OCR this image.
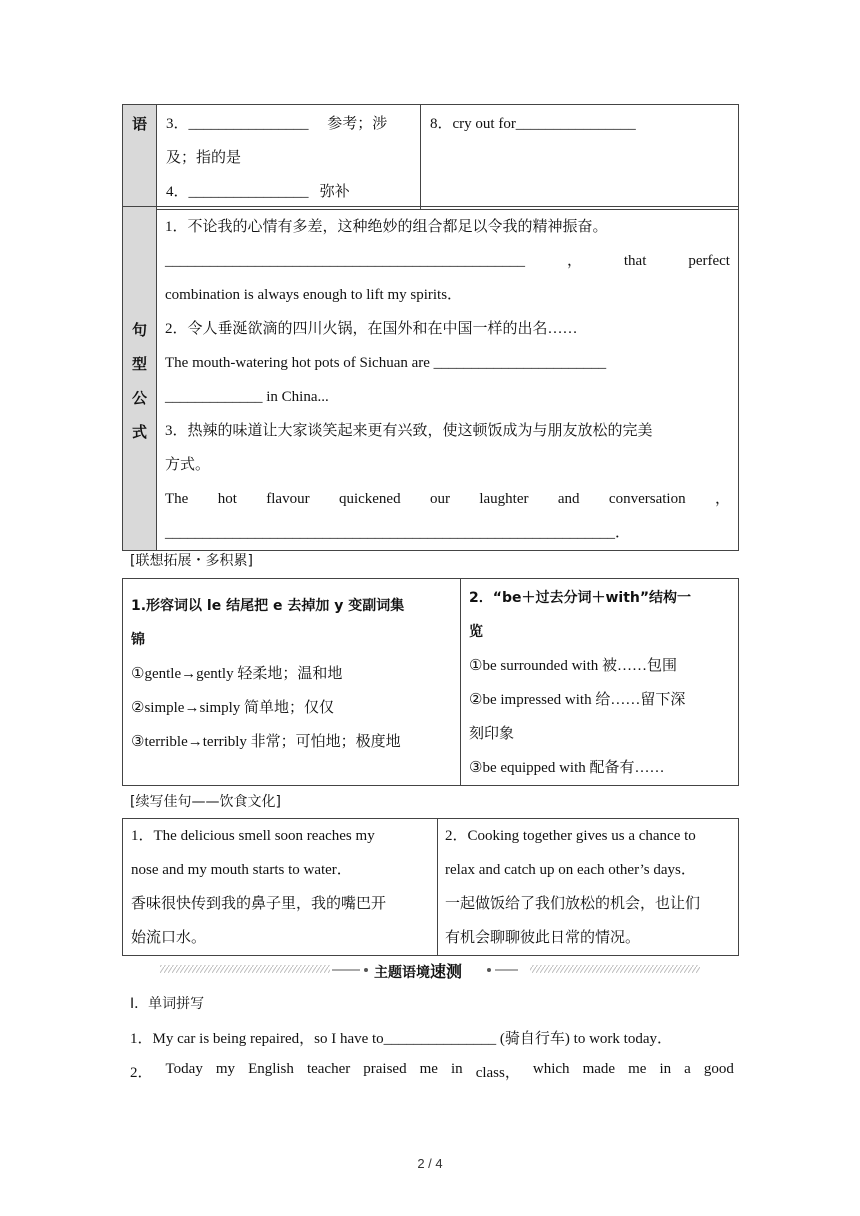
语	3．________________ 参考；涉
及；指的是
4．________________ 弥补

8．cry out for________________
句
型
公
式

1．不论我的心情有多差，这种绝妙的组合都足以令我的精神振奋。
________________________________________________	，	that	perfect
combination is always enough to lift my spirits．
2．令人垂涎欲滴的四川火锅，在国外和在中国一样的出名……
The mouth-watering hot pots of Sichuan are _______________________
_____________ in China...
3．热辣的味道让大家谈笑起来更有兴致，使这顿饭成为与朋友放松的完美
方式。
The hot flavour quickened our laughter and conversation ，
____________________________________________________________．
[联想拓展・多积累]
1.形容词以 le 结尾把 e 去掉加 y 变副词集
锦
①gentle→gently 轻柔地；温和地
②simple→simply 简单地；仅仅
③terrible→terribly 非常；可怕地；极度地

2．“be＋过去分词＋with”结构一
览
①be surrounded with 被……包围
②be impressed with 给……留下深
刻印象
③be equipped with 配备有……
[续写佳句——饮食文化]
1．The delicious smell soon reaches my
nose and my mouth starts to water．
香味很快传到我的鼻子里，我的嘴巴开
始流口水。

2．Cooking together gives us a chance to
relax and catch up on each other’s days．
一起做饭给了我们放松的机会，也让们
有机会聊聊彼此日常的情况。
主题语境速测
Ⅰ．单词拼写
1．My car is being repaired，so I have to_______________ (骑自行车) to work today．
2． Today my English teacher praised me in class， which made me in a good
2 / 4
